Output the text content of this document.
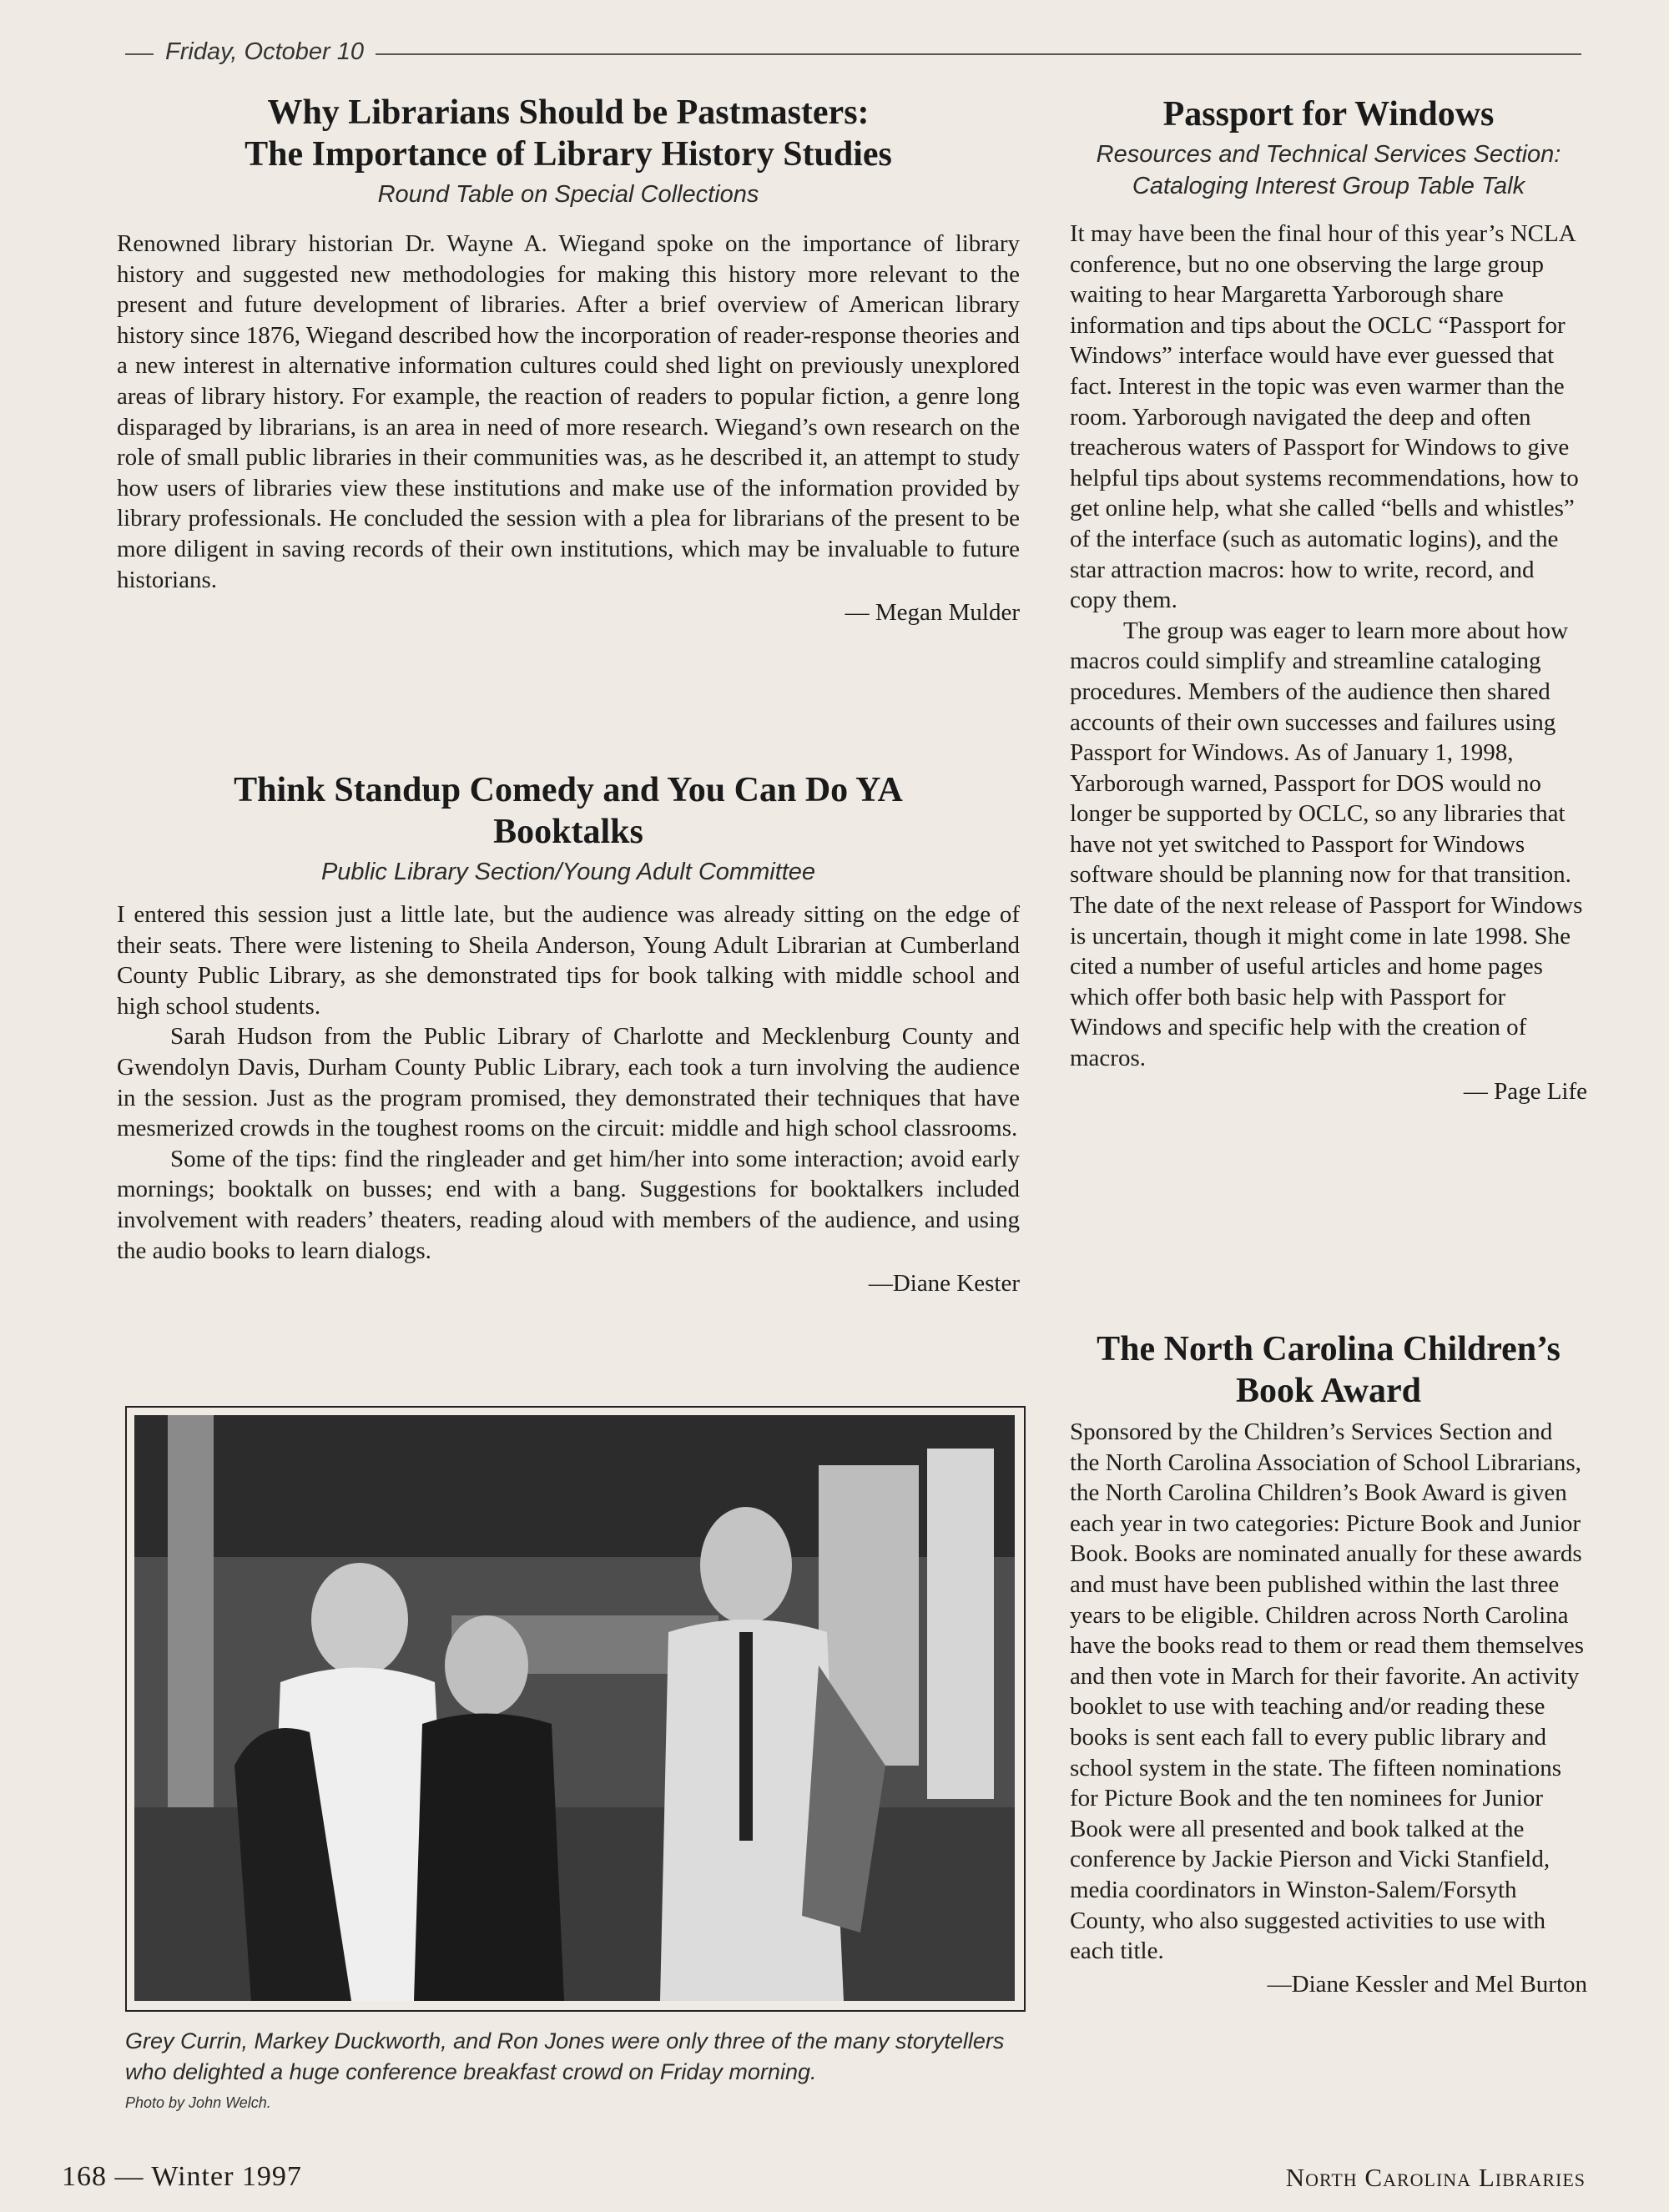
Friday, October 10
Why Librarians Should be Pastmasters:
The Importance of Library History Studies
Round Table on Special Collections

Renowned library historian Dr. Wayne A. Wiegand spoke on the importance of library history and suggested new methodologies for making this history more relevant to the present and future development of libraries. After a brief overview of American library history since 1876, Wiegand described how the incorporation of reader-response theories and a new interest in alternative information cultures could shed light on previously unexplored areas of library history. For example, the reaction of readers to popular fiction, a genre long disparaged by librarians, is an area in need of more research. Wiegand’s own research on the role of small public libraries in their communities was, as he described it, an attempt to study how users of libraries view these institutions and make use of the information provided by library professionals. He concluded the session with a plea for librarians of the present to be more diligent in saving records of their own institutions, which may be invaluable to future historians.

— Megan Mulder
Think Standup Comedy and You Can Do YA
Booktalks
Public Library Section/Young Adult Committee

I entered this session just a little late, but the audience was already sitting on the edge of their seats. There were listening to Sheila Anderson, Young Adult Librarian at Cumberland County Public Library, as she demonstrated tips for book talking with middle school and high school students.

Sarah Hudson from the Public Library of Charlotte and Mecklenburg County and Gwendolyn Davis, Durham County Public Library, each took a turn involving the audience in the session. Just as the program promised, they demonstrated their techniques that have mesmerized crowds in the toughest rooms on the circuit: middle and high school classrooms.

Some of the tips: find the ringleader and get him/her into some interaction; avoid early mornings; booktalk on busses; end with a bang. Suggestions for booktalkers included involvement with readers’ theaters, reading aloud with members of the audience, and using the audio books to learn dialogs.

—Diane Kester
Grey Currin, Markey Duckworth, and Ron Jones were only three of the many storytellers who delighted a huge conference breakfast crowd on Friday morning.
Photo by John Welch.
Passport for Windows
Resources and Technical Services Section:
Cataloging Interest Group Table Talk

It may have been the final hour of this year’s NCLA conference, but no one observing the large group waiting to hear Margaretta Yarborough share information and tips about the OCLC “Passport for Windows” interface would have ever guessed that fact. Interest in the topic was even warmer than the room. Yarborough navigated the deep and often treacherous waters of Passport for Windows to give helpful tips about systems recommendations, how to get online help, what she called “bells and whistles” of the interface (such as automatic logins), and the star attraction macros: how to write, record, and copy them.

The group was eager to learn more about how macros could simplify and streamline cataloging procedures. Members of the audience then shared accounts of their own successes and failures using Passport for Windows. As of January 1, 1998, Yarborough warned, Passport for DOS would no longer be supported by OCLC, so any libraries that have not yet switched to Passport for Windows software should be planning now for that transition. The date of the next release of Passport for Windows is uncertain, though it might come in late 1998. She cited a number of useful articles and home pages which offer both basic help with Passport for Windows and specific help with the creation of macros.

— Page Life
The North Carolina Children’s
Book Award

Sponsored by the Children’s Services Section and the North Carolina Association of School Librarians, the North Carolina Children’s Book Award is given each year in two categories: Picture Book and Junior Book. Books are nominated anually for these awards and must have been published within the last three years to be eligible. Children across North Carolina have the books read to them or read them themselves and then vote in March for their favorite. An activity booklet to use with teaching and/or reading these books is sent each fall to every public library and school system in the state. The fifteen nominations for Picture Book and the ten nominees for Junior Book were all presented and book talked at the conference by Jackie Pierson and Vicki Stanfield, media coordinators in Winston-Salem/Forsyth County, who also suggested activities to use with each title.

—Diane Kessler and Mel Burton
168 — Winter 1997	North Carolina Libraries
